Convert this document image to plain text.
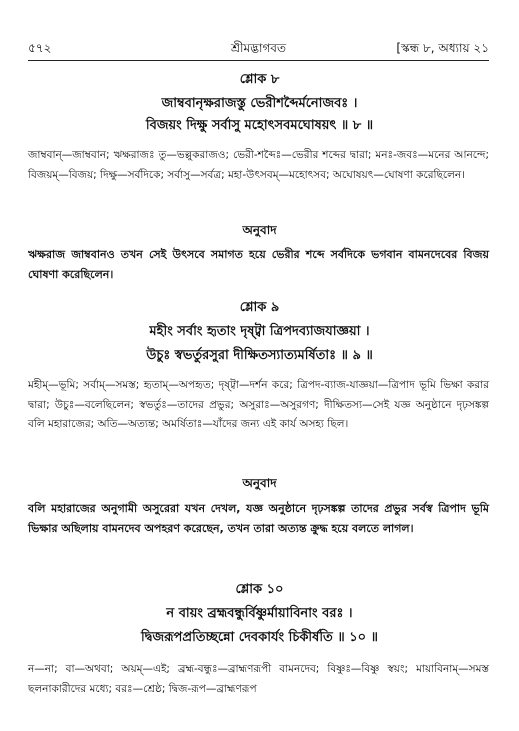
৫৭২	শ্রীমদ্ভাগবত	[স্কন্ধ ৮, অধ্যায় ২১
শ্লোক ৮
জাম্ববানৃক্ষরাজস্তু ভেরীশব্দৈর্মনোজবঃ ।
বিজয়ং দিক্ষু সর্বাসু মহোৎসবমঘোষয়ৎ ॥ ৮ ॥
জাম্ববান্—জাম্ববান; ঋক্ষরাজঃ তু—ভল্লুকরাজও; ভেরী-শব্দৈঃ—ভেরীর শব্দের দ্বারা; মনঃ-জবঃ—মনের আনন্দে; বিজয়ম্—বিজয়; দিক্ষু—সর্বদিকে; সর্বাসু—সর্বত্র; মহা-উৎসবম্—মহোৎসব; অঘোষয়ৎ—ঘোষণা করেছিলেন।
অনুবাদ
ঋক্ষরাজ জাম্ববানও তখন সেই উৎসবে সমাগত হয়ে ভেরীর শব্দে সর্বদিকে ভগবান বামনদেবের বিজয় ঘোষণা করেছিলেন।
শ্লোক ৯
মহীং সর্বাং হৃতাং দৃষ্ট্বা ত্রিপদব্যাজযাজ্ঞয়া ।
উচুঃ স্বভর্তুরসুরা দীক্ষিতস্যাত্যমর্ষিতাঃ ॥ ৯ ॥
মহীম্—ভূমি; সর্বাম্—সমস্ত; হৃতাম্—অপহৃত; দৃষ্ট্বা—দর্শন করে; ত্রিপদ-ব্যাজ-যাজ্ঞয়া—ত্রিপাদ ভূমি ভিক্ষা করার দ্বারা; উচুঃ—বলেছিলেন; স্বভর্তুঃ—তাদের প্রভুর; অসুরাঃ—অসুরগণ; দীক্ষিতস্য—সেই যজ্ঞ অনুষ্ঠানে দৃঢ়সঙ্কল্প বলি মহারাজের; অতি—অত্যন্ত; অমর্ষিতাঃ—যাঁদের জন্য এই কার্য অসহ্য ছিল।
অনুবাদ
বলি মহারাজের অনুগামী অসুরেরা যখন দেখল, যজ্ঞ অনুষ্ঠানে দৃঢ়সঙ্কল্প তাদের প্রভুর সর্বস্ব ত্রিপাদ ভূমি ভিক্ষার অছিলায় বামনদেব অপহরণ করেছেন, তখন তারা অত্যন্ত ক্রুদ্ধ হয়ে বলতে লাগল।
শ্লোক ১০
ন বায়ং ব্রহ্মবন্ধুর্বিষ্ণুর্মায়াবিনাং বরঃ ।
দ্বিজরূপপ্রতিচ্ছন্নো দেবকার্যং চিকীর্ষতি ॥ ১০ ॥
ন—না; বা—অথবা; অয়ম্—এই; ব্রহ্ম-বন্ধুঃ—ব্রাহ্মণরূপী বামনদেব; বিষ্ণুঃ—বিষ্ণু স্বয়ং; মায়াবিনাম্—সমস্ত ছলনাকারীদের মধ্যে; বরঃ—শ্রেষ্ঠ; দ্বিজ-রূপ—ব্রাহ্মণরূপ
